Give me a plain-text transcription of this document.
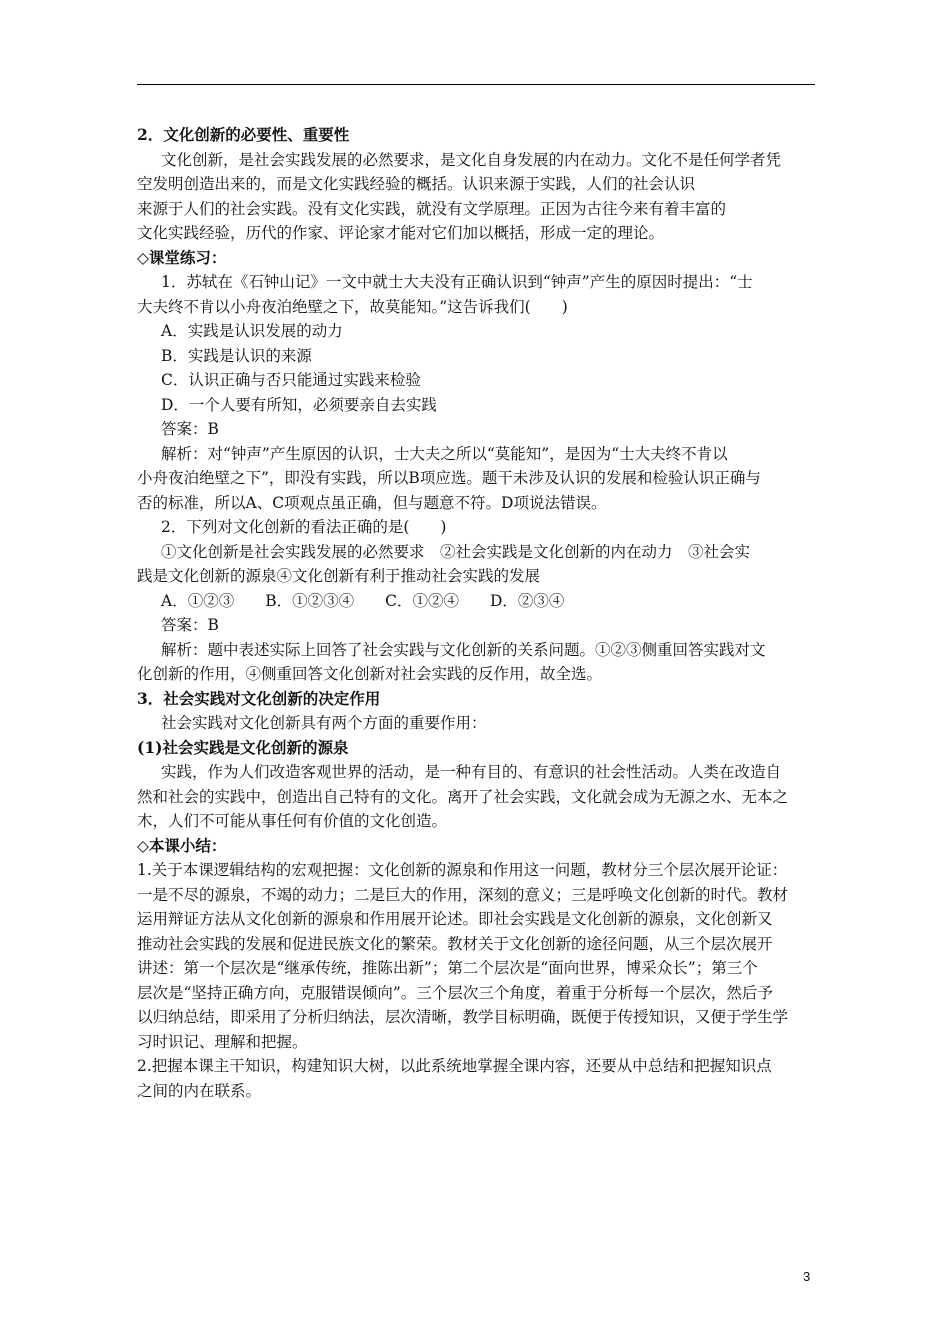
2．文化创新的必要性、重要性
文化创新，是社会实践发展的必然要求，是文化自身发展的内在动力。文化不是任何学者凭
空发明创造出来的，而是文化实践经验的概括。认识来源于实践，人们的社会认识
来源于人们的社会实践。没有文化实践，就没有文学原理。正因为古往今来有着丰富的
文化实践经验，历代的作家、评论家才能对它们加以概括，形成一定的理论。
◇课堂练习：
1．苏轼在《石钟山记》一文中就士大夫没有正确认识到“钟声”产生的原因时提出：“士
大夫终不肯以小舟夜泊绝壁之下，故莫能知。”这告诉我们(　　)
A．实践是认识发展的动力
B．实践是认识的来源
C．认识正确与否只能通过实践来检验
D．一个人要有所知，必须要亲自去实践
答案：B
解析：对“钟声”产生原因的认识，士大夫之所以“莫能知”，是因为“士大夫终不肯以
小舟夜泊绝壁之下”，即没有实践，所以B项应选。题干未涉及认识的发展和检验认识正确与
否的标准，所以A、C项观点虽正确，但与题意不符。D项说法错误。
2．下列对文化创新的看法正确的是(　　)
①文化创新是社会实践发展的必然要求　②社会实践是文化创新的内在动力　③社会实
践是文化创新的源泉④文化创新有利于推动社会实践的发展
A．①②③　　B．①②③④　　C．①②④　　D．②③④
答案：B
解析：题中表述实际上回答了社会实践与文化创新的关系问题。①②③侧重回答实践对文
化创新的作用，④侧重回答文化创新对社会实践的反作用，故全选。
3．社会实践对文化创新的决定作用
社会实践对文化创新具有两个方面的重要作用：
(1)社会实践是文化创新的源泉
实践，作为人们改造客观世界的活动，是一种有目的、有意识的社会性活动。人类在改造自
然和社会的实践中，创造出自己特有的文化。离开了社会实践，文化就会成为无源之水、无本之
木，人们不可能从事任何有价值的文化创造。
◇本课小结：
1.关于本课逻辑结构的宏观把握：文化创新的源泉和作用这一问题，教材分三个层次展开论证：
一是不尽的源泉，不竭的动力；二是巨大的作用，深刻的意义；三是呼唤文化创新的时代。教材
运用辩证方法从文化创新的源泉和作用展开论述。即社会实践是文化创新的源泉，文化创新又
推动社会实践的发展和促进民族文化的繁荣。教材关于文化创新的途径问题，从三个层次展开
讲述：第一个层次是“继承传统，推陈出新”；第二个层次是“面向世界，博采众长”；第三个
层次是“坚持正确方向，克服错误倾向”。三个层次三个角度，着重于分析每一个层次，然后予
以归纳总结，即采用了分析归纳法，层次清晰，教学目标明确，既便于传授知识，又便于学生学
习时识记、理解和把握。
2.把握本课主干知识，构建知识大树，以此系统地掌握全课内容，还要从中总结和把握知识点
之间的内在联系。
3
